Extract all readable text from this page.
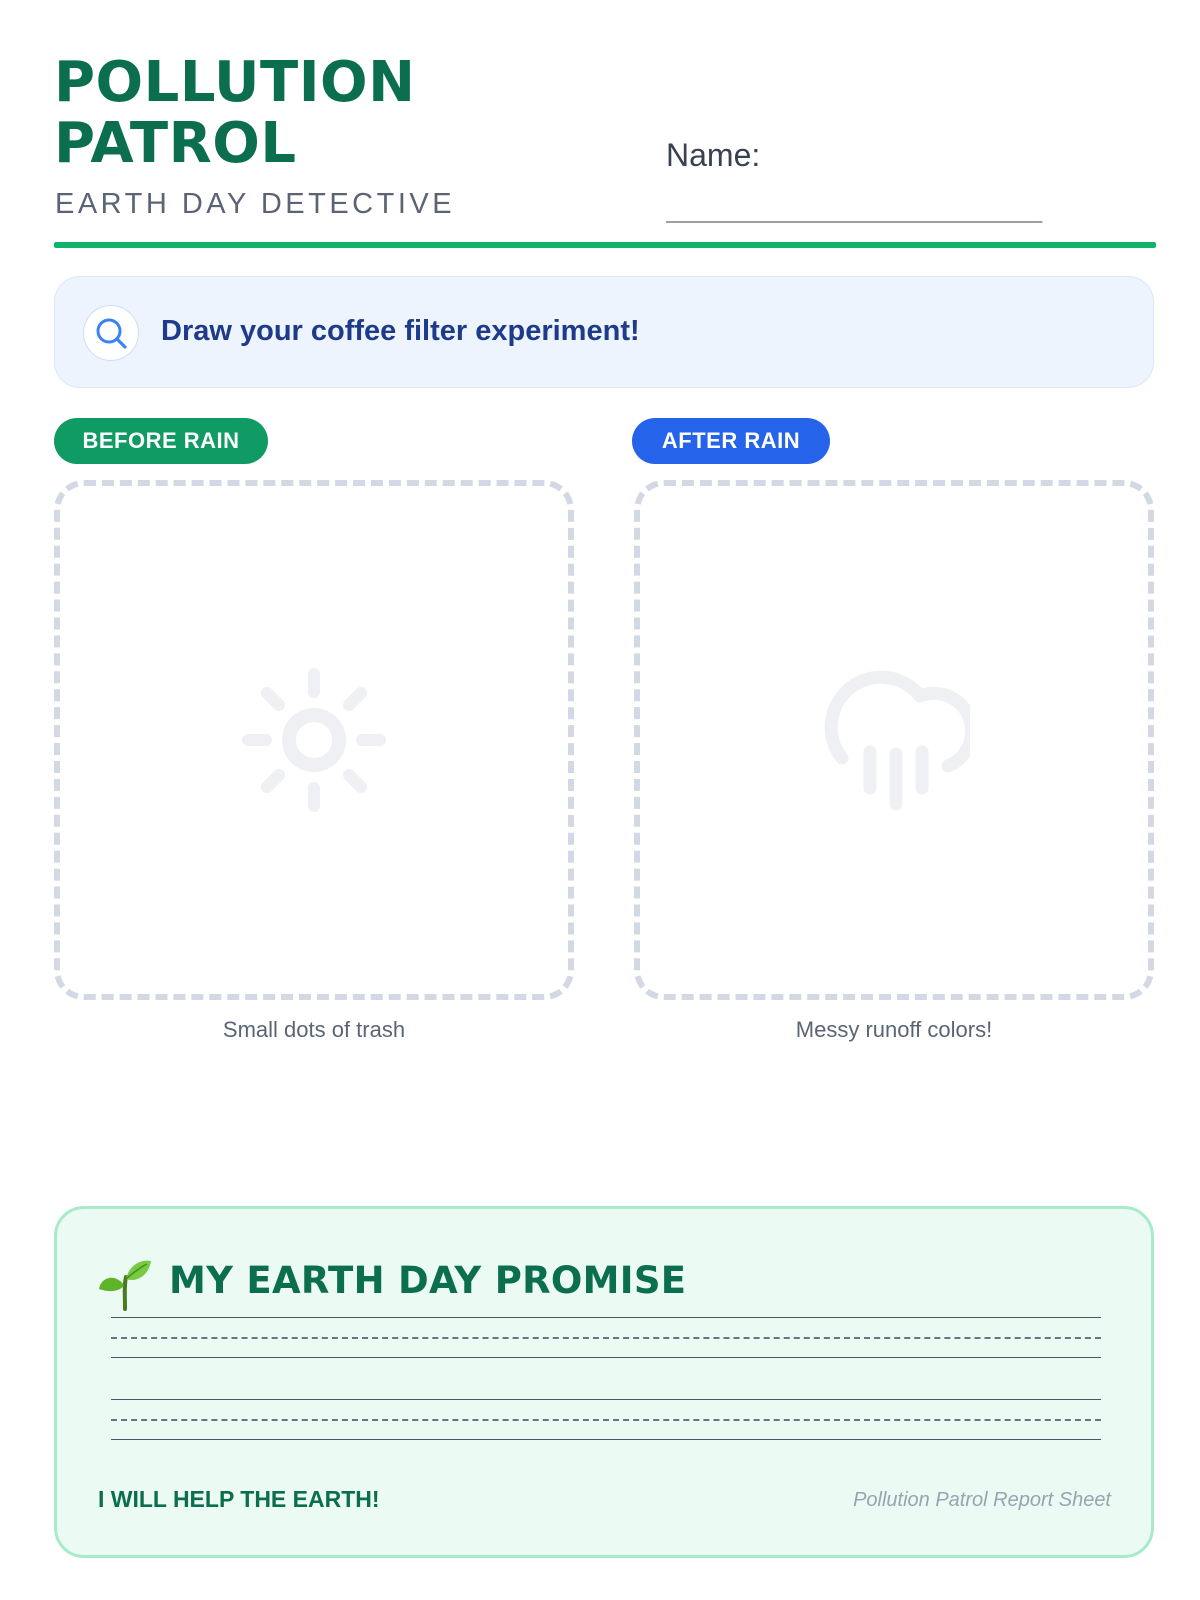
POLLUTION
PATROL
EARTH DAY DETECTIVE
Name:
________________________
Draw your coffee filter experiment!
BEFORE RAIN	AFTER RAIN
Small dots of trash	Messy runoff colors!
MY EARTH DAY PROMISE
I WILL HELP THE EARTH!	Pollution Patrol Report Sheet
